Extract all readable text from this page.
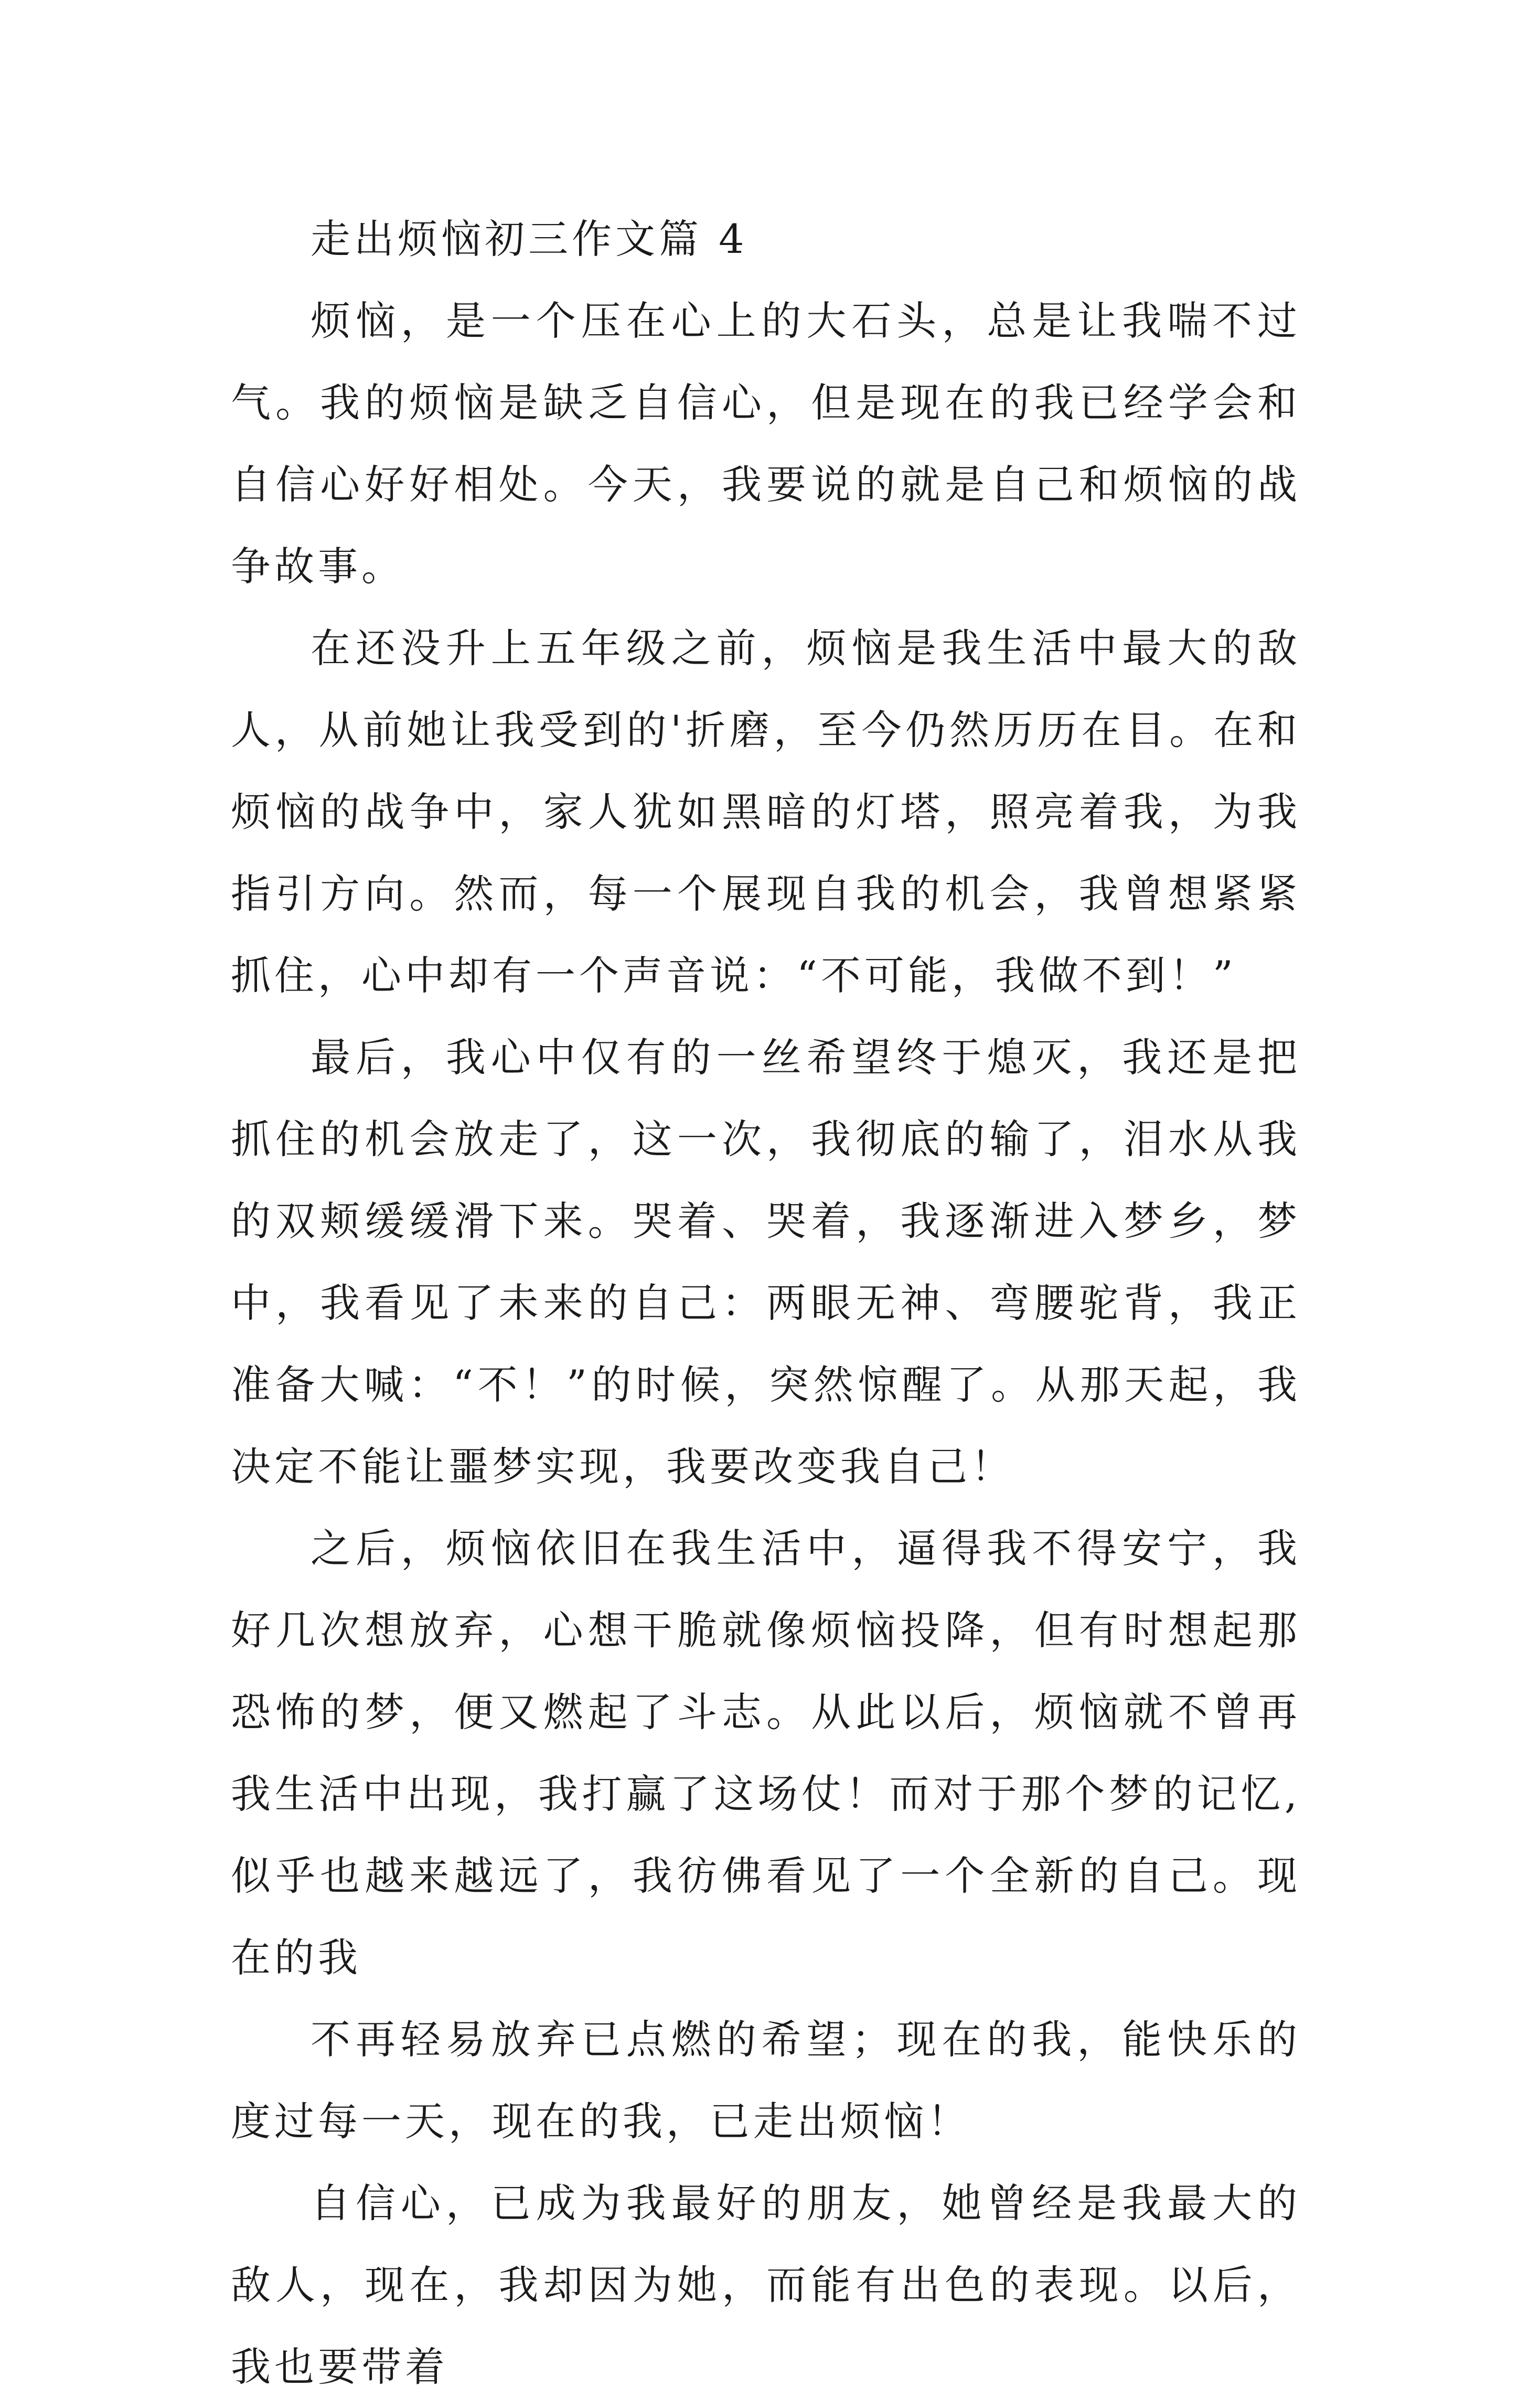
走出烦恼初三作文篇 4

烦恼，是一个压在心上的大石头，总是让我喘不过气。我的烦恼是缺乏自信心，但是现在的我已经学会和自信心好好相处。今天，我要说的就是自己和烦恼的战争故事。

在还没升上五年级之前，烦恼是我生活中最大的敌人，从前她让我受到的'折磨，至今仍然历历在目。在和烦恼的战争中，家人犹如黑暗的灯塔，照亮着我，为我指引方向。然而，每一个展现自我的机会，我曾想紧紧抓住，心中却有一个声音说：“不可能，我做不到！”

最后，我心中仅有的一丝希望终于熄灭，我还是把抓住的机会放走了，这一次，我彻底的输了，泪水从我的双颊缓缓滑下来。哭着、哭着，我逐渐进入梦乡，梦中，我看见了未来的自己：两眼无神、弯腰驼背，我正准备大喊：“不！”的时候，突然惊醒了。从那天起，我决定不能让噩梦实现，我要改变我自己！

之后，烦恼依旧在我生活中，逼得我不得安宁，我好几次想放弃，心想干脆就像烦恼投降，但有时想起那恐怖的梦，便又燃起了斗志。从此以后，烦恼就不曾再我生活中出现，我打赢了这场仗！而对于那个梦的记忆,似乎也越来越远了，我彷佛看见了一个全新的自己。现在的我

不再轻易放弃已点燃的希望；现在的我，能快乐的度过每一天，现在的我，已走出烦恼！

自信心，已成为我最好的朋友，她曾经是我最大的敌人，现在，我却因为她，而能有出色的表现。以后，我也要带着
